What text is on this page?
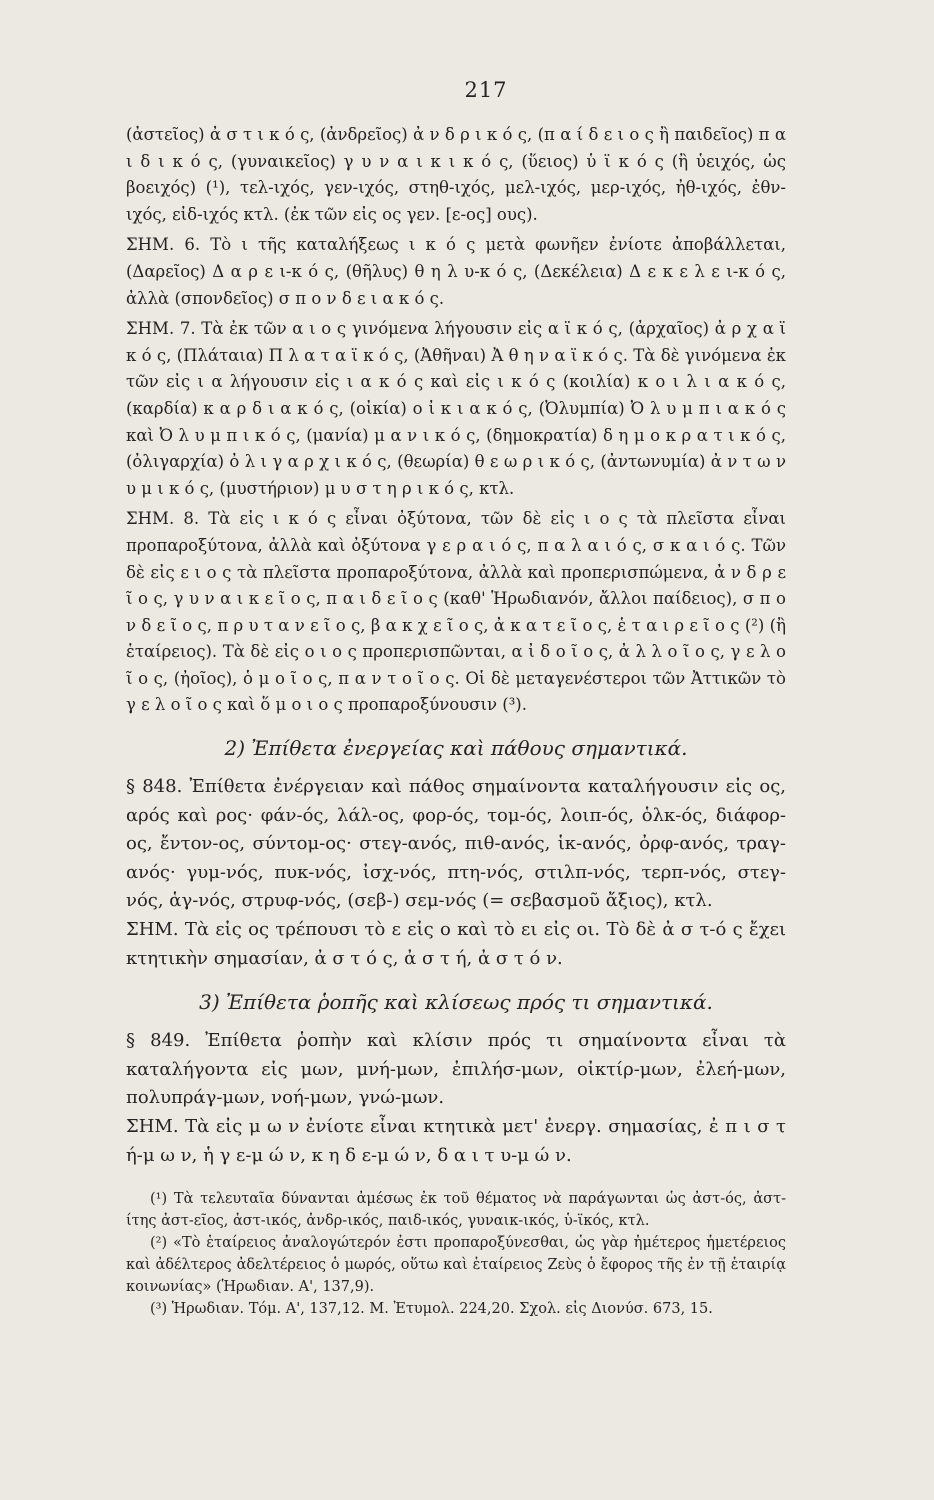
217

(ἀστεῖος) ἀ σ τ ι κ ό ς, (ἀνδρεῖος) ἀ ν δ ρ ι κ ό ς, (π α ί δ ε ι ο ς ἢ παιδεῖος) π α ι δ ι κ ό ς, (γυναικεῖος) γ υ ν α ι κ ι κ ό ς, (ὕειος) ὑ ϊ κ ό ς (ἢ ὑειχός, ὡς βοειχός) (¹), τελ-ιχός, γεν-ιχός, στηθ-ιχός, μελ-ιχός, μερ-ιχός, ἠθ-ιχός, ἐθν-ιχός, εἰδ-ιχός κτλ. (ἐκ τῶν εἰς ος γεν. [ε-ος] ους).

ΣΗΜ. 6. Τὸ ι τῆς καταλήξεως ι κ ό ς μετὰ φωνῆεν ἐνίοτε ἀποβάλλεται, (Δαρεῖος) Δ α ρ ε ι-κ ό ς, (θῆλυς) θ η λ υ-κ ό ς, (Δεκέλεια) Δ ε κ ε λ ε ι-κ ό ς, ἀλλὰ (σπονδεῖος) σ π ο ν δ ε ι α κ ό ς.

ΣΗΜ. 7. Τὰ ἐκ τῶν α ι ο ς γινόμενα λήγουσιν εἰς α ϊ κ ό ς, (ἀρχαῖος) ἀ ρ χ α ϊ κ ό ς, (Πλάταια) Π λ α τ α ϊ κ ό ς, (Ἀθῆναι) Ἀ θ η ν α ϊ κ ό ς. Τὰ δὲ γινόμενα ἐκ τῶν εἰς ι α λήγουσιν εἰς ι α κ ό ς καὶ εἰς ι κ ό ς (κοιλία) κ ο ι λ ι α κ ό ς, (καρδία) κ α ρ δ ι α κ ό ς, (οἰκία) ο ἰ κ ι α κ ό ς, (Ὀλυμπία) Ὀ λ υ μ π ι α κ ό ς καὶ Ὀ λ υ μ π ι κ ό ς, (μανία) μ α ν ι κ ό ς, (δημοκρατία) δ η μ ο κ ρ α τ ι κ ό ς, (ὀλιγαρχία) ὀ λ ι γ α ρ χ ι κ ό ς, (θεωρία) θ ε ω ρ ι κ ό ς, (ἀντωνυμία) ἀ ν τ ω ν υ μ ι κ ό ς, (μυστήριον) μ υ σ τ η ρ ι κ ό ς, κτλ.

ΣΗΜ. 8. Τὰ εἰς ι κ ό ς εἶναι ὀξύτονα, τῶν δὲ εἰς ι ο ς τὰ πλεῖστα εἶναι προπαροξύτονα, ἀλλὰ καὶ ὀξύτονα γ ε ρ α ι ό ς, π α λ α ι ό ς, σ κ α ι ό ς. Τῶν δὲ εἰς ε ι ο ς τὰ πλεῖστα προπαροξύτονα, ἀλλὰ καὶ προπερισπώμενα, ἀ ν δ ρ ε ῖ ο ς, γ υ ν α ι κ ε ῖ ο ς, π α ι δ ε ῖ ο ς (καθ' Ἡρωδιανόν, ἄλλοι παίδειος), σ π ο ν δ ε ῖ ο ς, π ρ υ τ α ν ε ῖ ο ς, β α κ χ ε ῖ ο ς, ἀ κ α τ ε ῖ ο ς, ἑ τ α ι ρ ε ῖ ο ς (²) (ἢ ἑταίρειος). Τὰ δὲ εἰς ο ι ο ς προπερισπῶνται, α ἰ δ ο ῖ ο ς, ἀ λ λ ο ῖ ο ς, γ ε λ ο ῖ ο ς, (ἠοῖος), ὁ μ ο ῖ ο ς, π α ν τ ο ῖ ο ς. Οἱ δὲ μεταγενέστεροι τῶν Ἀττικῶν τὸ γ ε λ ο ῖ ο ς καὶ ὅ μ ο ι ο ς προπαροξύνουσιν (³).

2) Ἐπίθετα ἐνεργείας καὶ πάθους σημαντικά.

§ 848. Ἐπίθετα ἐνέργειαν καὶ πάθος σημαίνοντα καταλήγουσιν εἰς ος, αρός καὶ ρος· φάν-ός, λάλ-ος, φορ-ός, τομ-ός, λοιπ-ός, ὁλκ-ός, διάφορ-ος, ἔντον-ος, σύντομ-ος· στεγ-ανός, πιθ-ανός, ἱκ-ανός, ὀρφ-ανός, τραγ-ανός· γυμ-νός, πυκ-νός, ἰσχ-νός, πτη-νός, στιλπ-νός, τερπ-νός, στεγ-νός, ἁγ-νός, στρυφ-νός, (σεβ-) σεμ-νός (= σεβασμοῦ ἄξιος), κτλ.

ΣΗΜ. Τὰ εἰς ος τρέπουσι τὸ ε εἰς ο καὶ τὸ ει εἰς οι. Τὸ δὲ ἀ σ τ-ό ς ἔχει κτητικὴν σημασίαν, ἀ σ τ ό ς, ἀ σ τ ή, ἀ σ τ ό ν.

3) Ἐπίθετα ῥοπῆς καὶ κλίσεως πρός τι σημαντικά.

§ 849. Ἐπίθετα ῥοπὴν καὶ κλίσιν πρός τι σημαίνοντα εἶναι τὰ καταλήγοντα εἰς μων, μνή-μων, ἐπιλήσ-μων, οἰκτίρ-μων, ἐλεή-μων, πολυπράγ-μων, νοή-μων, γνώ-μων.

ΣΗΜ. Τὰ εἰς μ ω ν ἐνίοτε εἶναι κτητικὰ μετ' ἐνεργ. σημασίας, ἐ π ι σ τ ή-μ ω ν, ἡ γ ε-μ ώ ν, κ η δ ε-μ ώ ν, δ α ι τ υ-μ ώ ν.

(¹) Τὰ τελευταῖα δύνανται ἀμέσως ἐκ τοῦ θέματος νὰ παράγωνται ὡς ἀστ-ός, ἀστ-ίτης ἀστ-εῖος, ἀστ-ικός, ἀνδρ-ικός, παιδ-ικός, γυναικ-ικός, ὑ-ϊκός, κτλ.

(²) «Τὸ ἑταίρειος ἀναλογώτερόν ἐστι προπαροξύνεσθαι, ὡς γὰρ ἡμέτερος ἡμετέρειος καὶ ἀδέλτερος ἀδελτέρειος ὁ μωρός, οὕτω καὶ ἑταίρειος Ζεὺς ὁ ἔφορος τῆς ἐν τῇ ἑταιρίᾳ κοινωνίας» (Ἡρωδιαν. Α', 137,9).

(³) Ἡρωδιαν. Τόμ. Α', 137,12. Μ. Ἐτυμολ. 224,20. Σχολ. εἰς Διονύσ. 673, 15.
